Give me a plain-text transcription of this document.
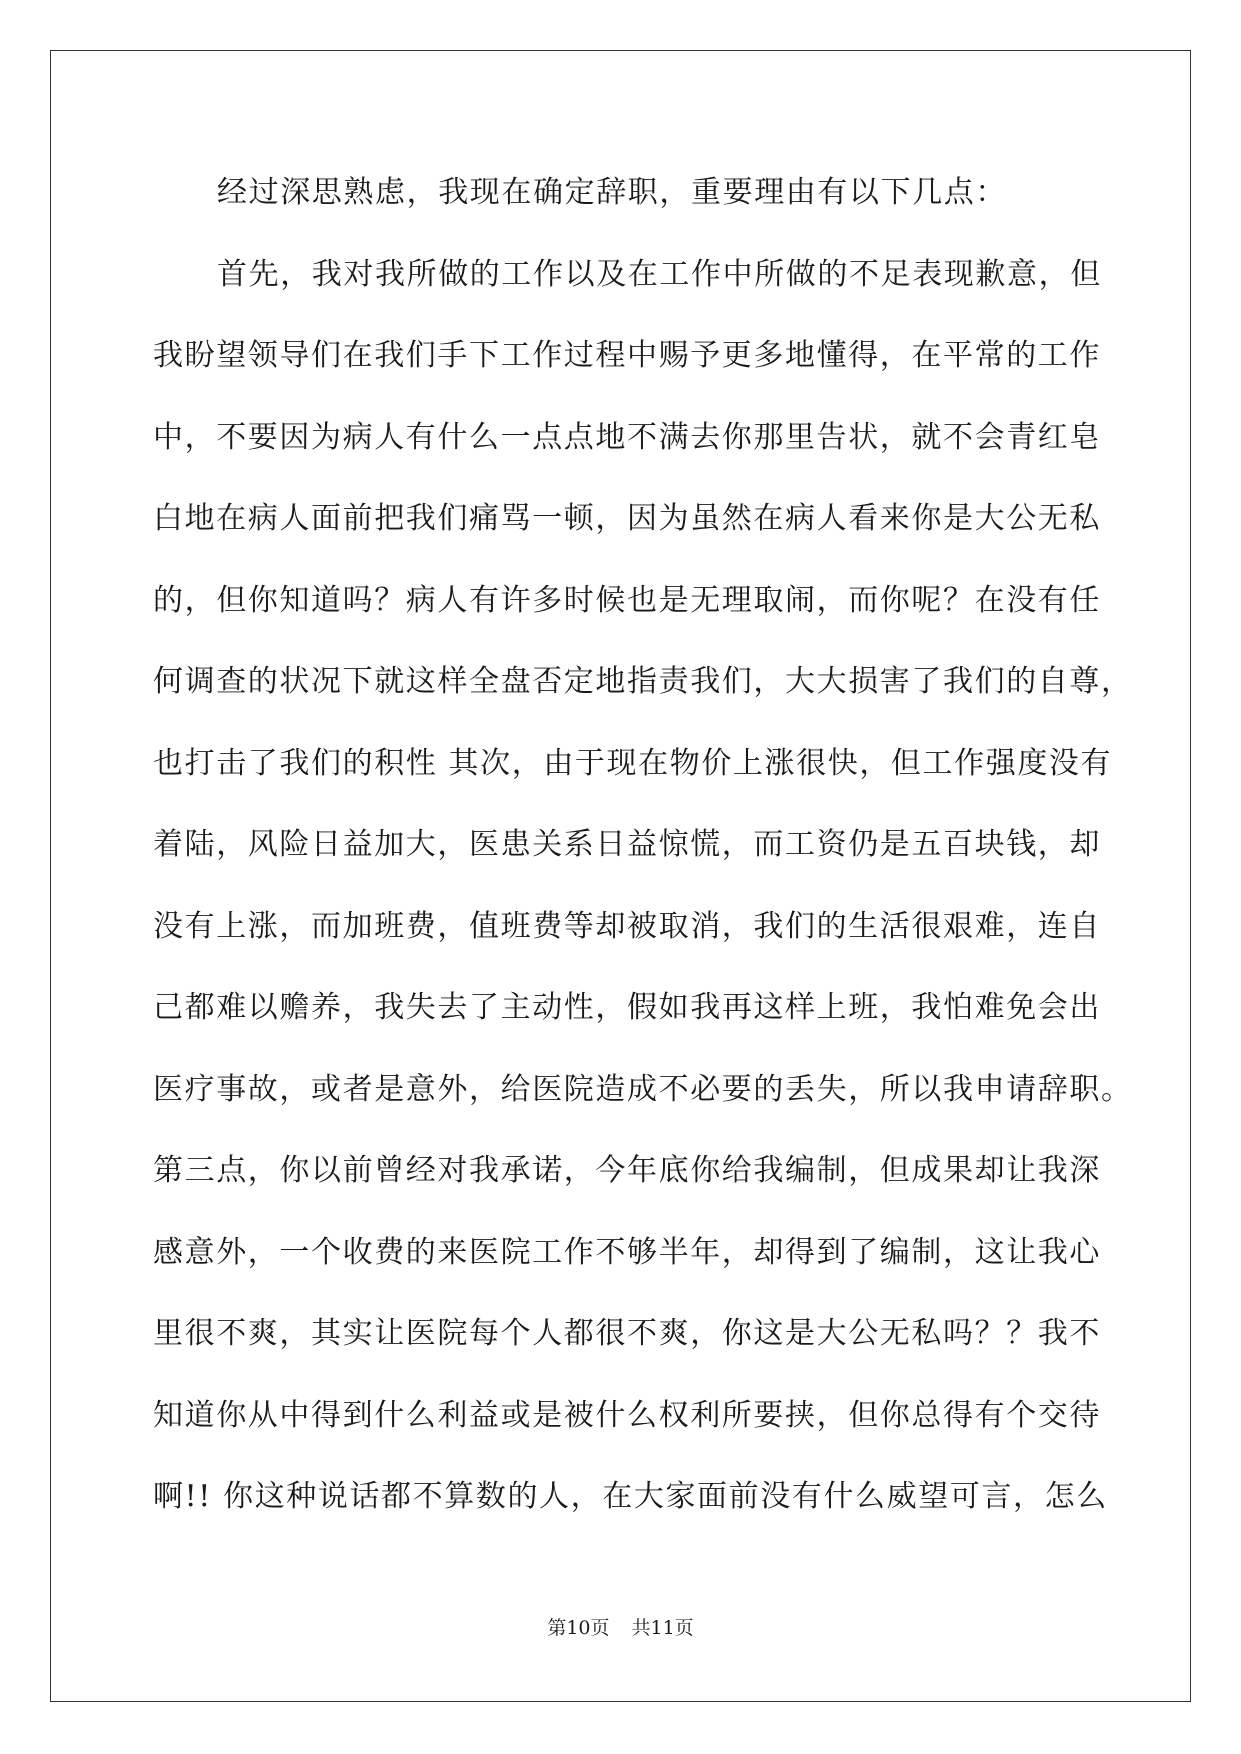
经过深思熟虑，我现在确定辞职，重要理由有以下几点：
首先，我对我所做的工作以及在工作中所做的不足表现歉意，但
我盼望领导们在我们手下工作过程中赐予更多地懂得，在平常的工作
中，不要因为病人有什么一点点地不满去你那里告状，就不会青红皂
白地在病人面前把我们痛骂一顿，因为虽然在病人看来你是大公无私
的，但你知道吗？病人有许多时候也是无理取闹，而你呢？在没有任
何调查的状况下就这样全盘否定地指责我们，大大损害了我们的自尊，
也打击了我们的积性 其次，由于现在物价上涨很快，但工作强度没有
着陆，风险日益加大，医患关系日益惊慌，而工资仍是五百块钱，却
没有上涨，而加班费，值班费等却被取消，我们的生活很艰难，连自
己都难以赡养，我失去了主动性，假如我再这样上班，我怕难免会出
医疗事故，或者是意外，给医院造成不必要的丢失，所以我申请辞职。
第三点，你以前曾经对我承诺，今年底你给我编制，但成果却让我深
感意外，一个收费的来医院工作不够半年，却得到了编制，这让我心
里很不爽，其实让医院每个人都很不爽，你这是大公无私吗？？我不
知道你从中得到什么利益或是被什么权利所要挟，但你总得有个交待
啊!! 你这种说话都不算数的人，在大家面前没有什么威望可言，怎么
第10页 共11页
